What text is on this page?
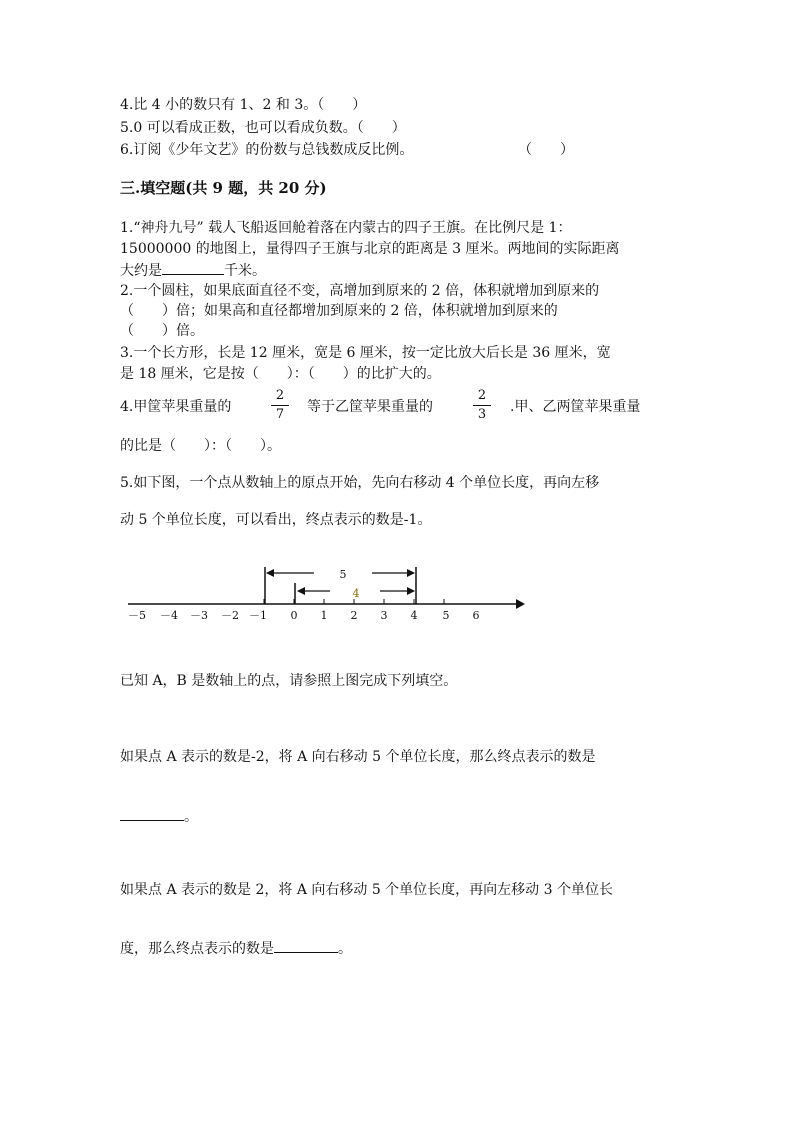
4.比 4 小的数只有 1、2 和 3。（　　）
5.0 可以看成正数，也可以看成负数。（　　）
6.订阅《少年文艺》的份数与总钱数成反比例。	（　　）
三.填空题(共 9 题，共 20 分)
1.“神舟九号” 载人飞船返回舱着落在内蒙古的四子王旗。在比例尺是 1：
15000000 的地图上，量得四子王旗与北京的距离是 3 厘米。两地间的实际距离
大约是	千米。
2.一个圆柱，如果底面直径不变，高增加到原来的 2 倍，体积就增加到原来的
（　　）倍；如果高和直径都增加到原来的 2 倍，体积就增加到原来的
（　　）倍。
3.一个长方形，长是 12 厘米，宽是 6 厘米，按一定比放大后长是 36 厘米，宽
是 18 厘米，它是按（　　）：（　　）的比扩大的。
4.甲筐苹果重量的
2
7	等于乙筐苹果重量的
2
3	.甲、乙两筐苹果重量
的比是（　　）：（　　）。
5.如下图，一个点从数轴上的原点开始，先向右移动 4 个单位长度，再向左移
动 5 个单位长度，可以看出，终点表示的数是-1。
5
4
－5 －4 －3 －2 －1 0 1 2 3 4 5 6
已知 A，B 是数轴上的点，请参照上图完成下列填空。
如果点 A 表示的数是-2，将 A 向右移动 5 个单位长度，那么终点表示的数是
。
如果点 A 表示的数是 2，将 A 向右移动 5 个单位长度，再向左移动 3 个单位长
度，那么终点表示的数是	。
